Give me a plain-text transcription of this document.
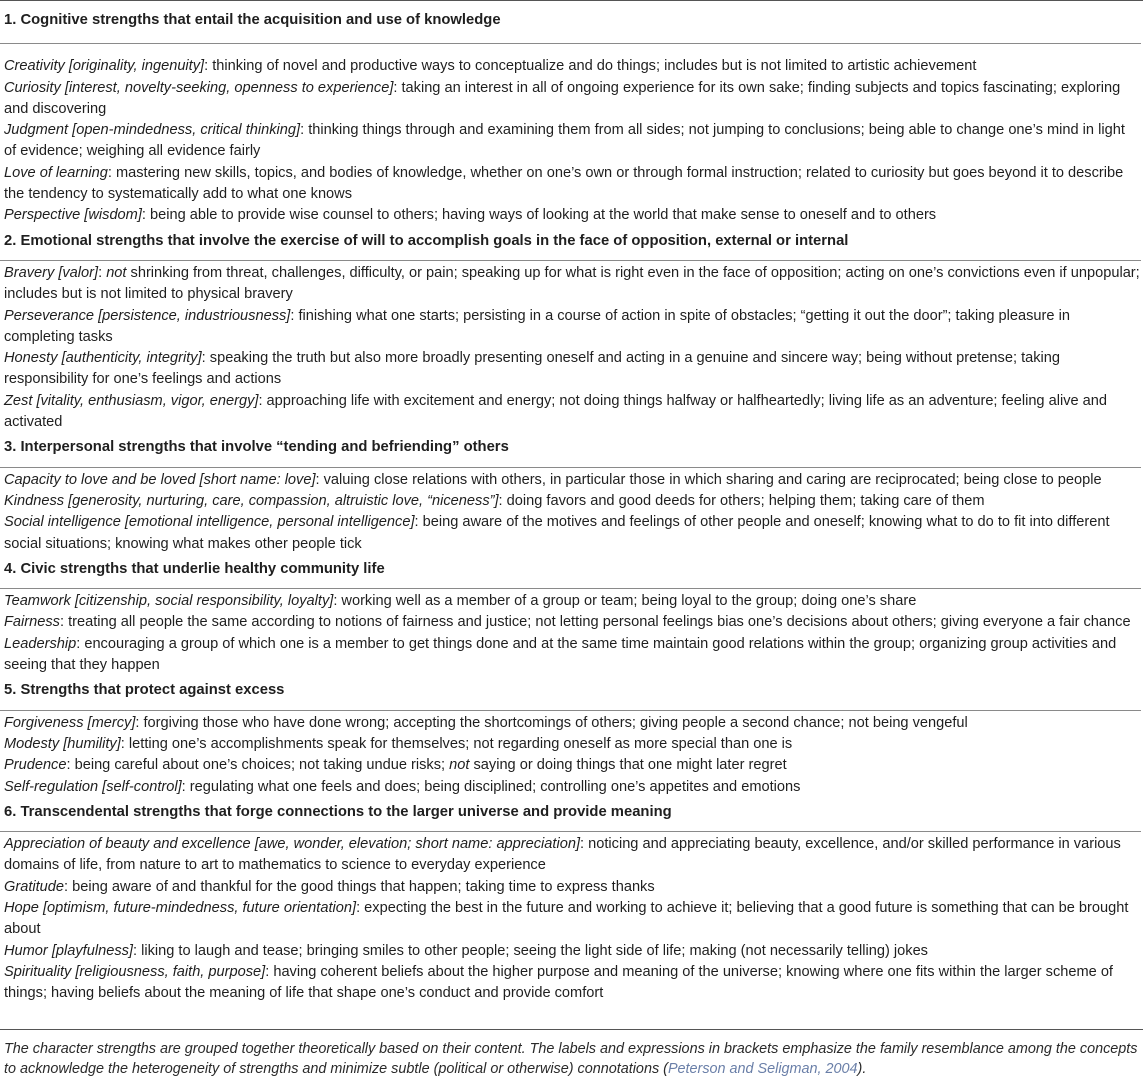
1. Cognitive strengths that entail the acquisition and use of knowledge
Creativity [originality, ingenuity]: thinking of novel and productive ways to conceptualize and do things; includes but is not limited to artistic achievement
Curiosity [interest, novelty-seeking, openness to experience]: taking an interest in all of ongoing experience for its own sake; finding subjects and topics fascinating; exploring and discovering
Judgment [open-mindedness, critical thinking]: thinking things through and examining them from all sides; not jumping to conclusions; being able to change one’s mind in light of evidence; weighing all evidence fairly
Love of learning: mastering new skills, topics, and bodies of knowledge, whether on one’s own or through formal instruction; related to curiosity but goes beyond it to describe the tendency to systematically add to what one knows
Perspective [wisdom]: being able to provide wise counsel to others; having ways of looking at the world that make sense to oneself and to others
2. Emotional strengths that involve the exercise of will to accomplish goals in the face of opposition, external or internal
Bravery [valor]: not shrinking from threat, challenges, difficulty, or pain; speaking up for what is right even in the face of opposition; acting on one’s convictions even if unpopular; includes but is not limited to physical bravery
Perseverance [persistence, industriousness]: finishing what one starts; persisting in a course of action in spite of obstacles; “getting it out the door”; taking pleasure in completing tasks
Honesty [authenticity, integrity]: speaking the truth but also more broadly presenting oneself and acting in a genuine and sincere way; being without pretense; taking responsibility for one’s feelings and actions
Zest [vitality, enthusiasm, vigor, energy]: approaching life with excitement and energy; not doing things halfway or halfheartedly; living life as an adventure; feeling alive and activated
3. Interpersonal strengths that involve “tending and befriending” others
Capacity to love and be loved [short name: love]: valuing close relations with others, in particular those in which sharing and caring are reciprocated; being close to people
Kindness [generosity, nurturing, care, compassion, altruistic love, “niceness”]: doing favors and good deeds for others; helping them; taking care of them
Social intelligence [emotional intelligence, personal intelligence]: being aware of the motives and feelings of other people and oneself; knowing what to do to fit into different social situations; knowing what makes other people tick
4. Civic strengths that underlie healthy community life
Teamwork [citizenship, social responsibility, loyalty]: working well as a member of a group or team; being loyal to the group; doing one’s share
Fairness: treating all people the same according to notions of fairness and justice; not letting personal feelings bias one’s decisions about others; giving everyone a fair chance
Leadership: encouraging a group of which one is a member to get things done and at the same time maintain good relations within the group; organizing group activities and seeing that they happen
5. Strengths that protect against excess
Forgiveness [mercy]: forgiving those who have done wrong; accepting the shortcomings of others; giving people a second chance; not being vengeful
Modesty [humility]: letting one’s accomplishments speak for themselves; not regarding oneself as more special than one is
Prudence: being careful about one’s choices; not taking undue risks; not saying or doing things that one might later regret
Self-regulation [self-control]: regulating what one feels and does; being disciplined; controlling one’s appetites and emotions
6. Transcendental strengths that forge connections to the larger universe and provide meaning
Appreciation of beauty and excellence [awe, wonder, elevation; short name: appreciation]: noticing and appreciating beauty, excellence, and/or skilled performance in various domains of life, from nature to art to mathematics to science to everyday experience
Gratitude: being aware of and thankful for the good things that happen; taking time to express thanks
Hope [optimism, future-mindedness, future orientation]: expecting the best in the future and working to achieve it; believing that a good future is something that can be brought about
Humor [playfulness]: liking to laugh and tease; bringing smiles to other people; seeing the light side of life; making (not necessarily telling) jokes
Spirituality [religiousness, faith, purpose]: having coherent beliefs about the higher purpose and meaning of the universe; knowing where one fits within the larger scheme of things; having beliefs about the meaning of life that shape one’s conduct and provide comfort
The character strengths are grouped together theoretically based on their content. The labels and expressions in brackets emphasize the family resemblance among the concepts to acknowledge the heterogeneity of strengths and minimize subtle (political or otherwise) connotations (Peterson and Seligman, 2004).
